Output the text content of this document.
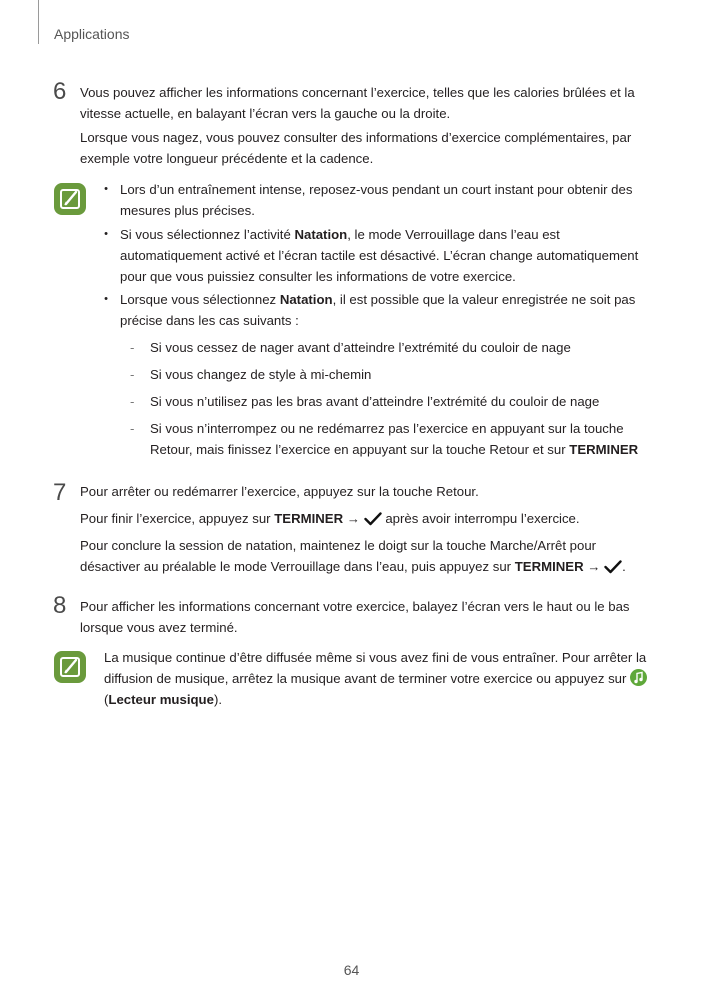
Applications
6 Vous pouvez afficher les informations concernant l’exercice, telles que les calories brûlées et la vitesse actuelle, en balayant l’écran vers la gauche ou la droite.
Lorsque vous nagez, vous pouvez consulter des informations d’exercice complémentaires, par exemple votre longueur précédente et la cadence.
• Lors d’un entraînement intense, reposez-vous pendant un court instant pour obtenir des mesures plus précises.
• Si vous sélectionnez l’activité Natation, le mode Verrouillage dans l’eau est automatiquement activé et l’écran tactile est désactivé. L’écran change automatiquement pour que vous puissiez consulter les informations de votre exercice.
• Lorsque vous sélectionnez Natation, il est possible que la valeur enregistrée ne soit pas précise dans les cas suivants :
- Si vous cessez de nager avant d’atteindre l’extrémité du couloir de nage
- Si vous changez de style à mi-chemin
- Si vous n’utilisez pas les bras avant d’atteindre l’extrémité du couloir de nage
- Si vous n’interrompez ou ne redémarrez pas l’exercice en appuyant sur la touche Retour, mais finissez l’exercice en appuyant sur la touche Retour et sur TERMINER
7 Pour arrêter ou redémarrer l’exercice, appuyez sur la touche Retour.
Pour finir l’exercice, appuyez sur TERMINER → après avoir interrompu l’exercice.
Pour conclure la session de natation, maintenez le doigt sur la touche Marche/Arrêt pour désactiver au préalable le mode Verrouillage dans l’eau, puis appuyez sur TERMINER → .
8 Pour afficher les informations concernant votre exercice, balayez l’écran vers le haut ou le bas lorsque vous avez terminé.
La musique continue d’être diffusée même si vous avez fini de vous entraîner. Pour arrêter la diffusion de musique, arrêtez la musique avant de terminer votre exercice ou appuyez sur
(Lecteur musique).
64
